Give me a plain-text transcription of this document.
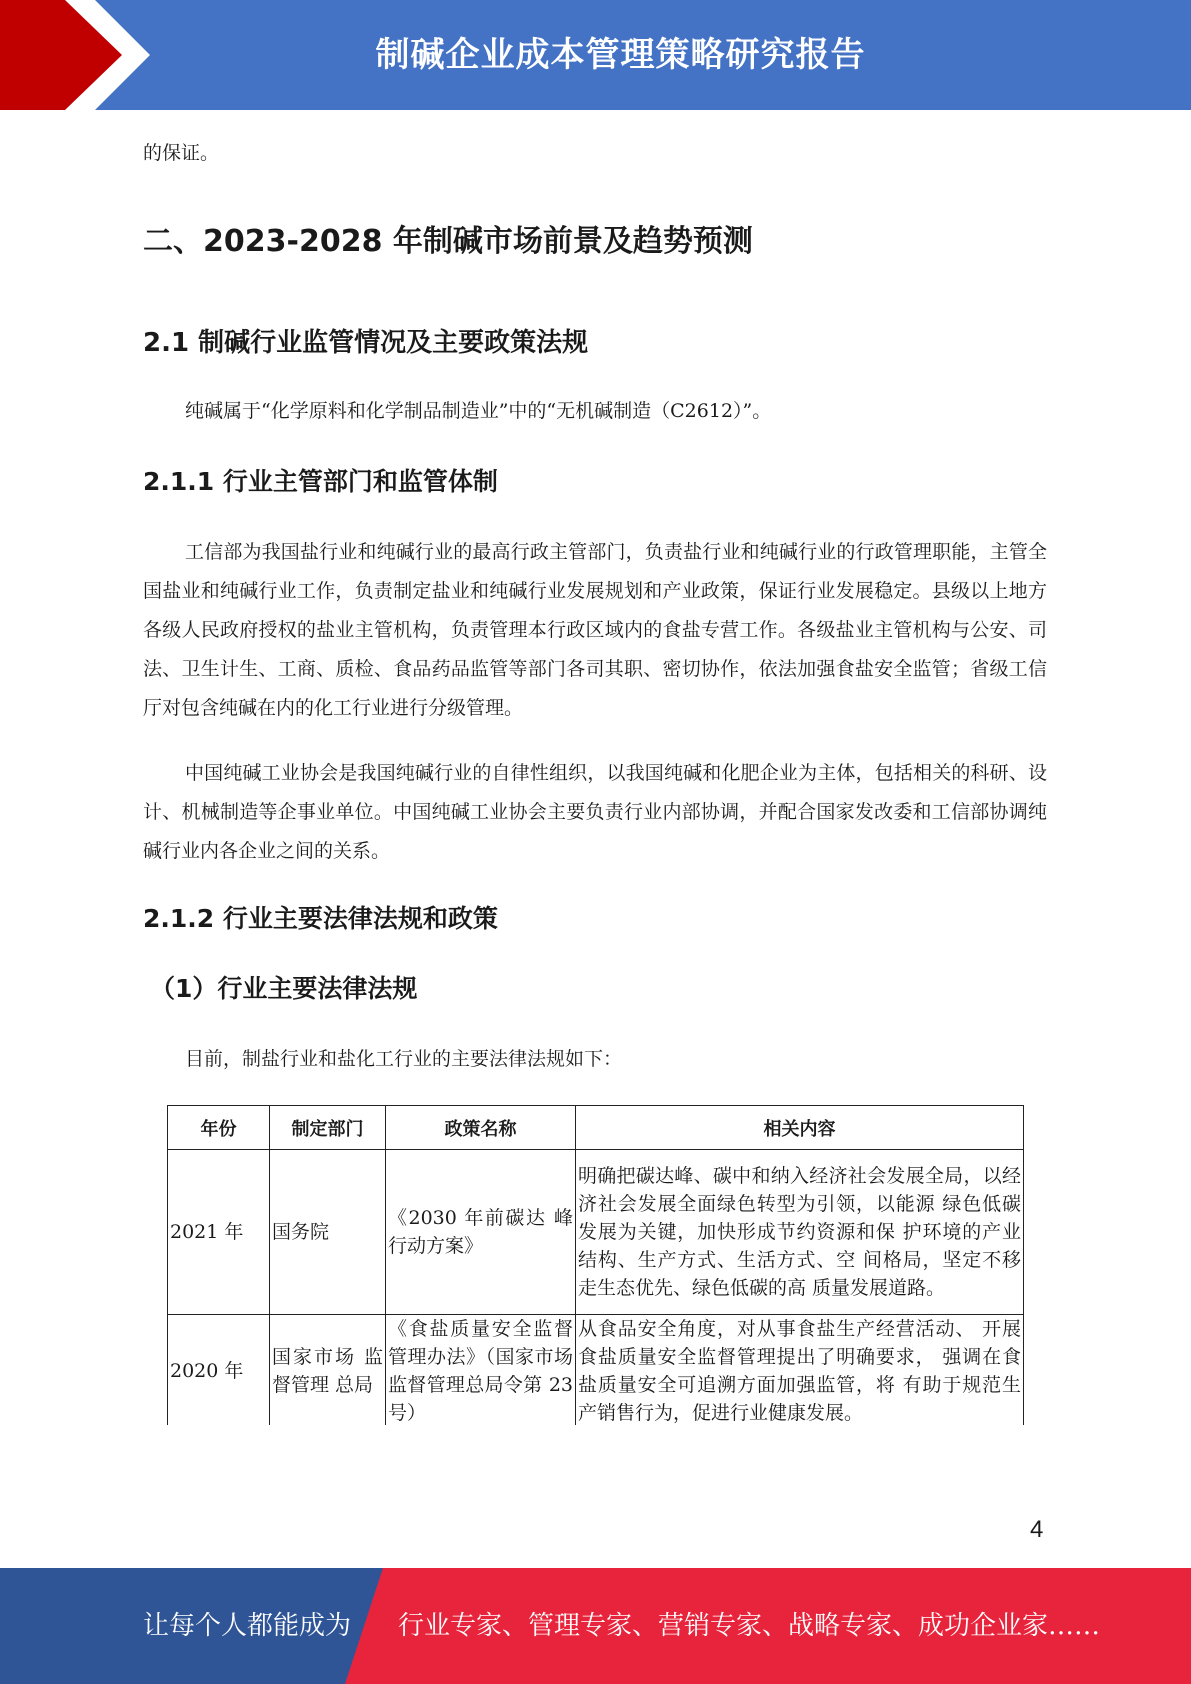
制碱企业成本管理策略研究报告
的保证。
二、2023-2028 年制碱市场前景及趋势预测
2.1 制碱行业监管情况及主要政策法规
纯碱属于“化学原料和化学制品制造业”中的“无机碱制造（C2612）”。
2.1.1 行业主管部门和监管体制
工信部为我国盐行业和纯碱行业的最高行政主管部门，负责盐行业和纯碱行业的行政管理职能，主管全国盐业和纯碱行业工作，负责制定盐业和纯碱行业发展规划和产业政策，保证行业发展稳定。县级以上地方各级人民政府授权的盐业主管机构，负责管理本行政区域内的食盐专营工作。各级盐业主管机构与公安、司法、卫生计生、工商、质检、食品药品监管等部门各司其职、密切协作，依法加强食盐安全监管；省级工信厅对包含纯碱在内的化工行业进行分级管理。
中国纯碱工业协会是我国纯碱行业的自律性组织，以我国纯碱和化肥企业为主体，包括相关的科研、设计、机械制造等企事业单位。中国纯碱工业协会主要负责行业内部协调，并配合国家发改委和工信部协调纯碱行业内各企业之间的关系。
2.1.2 行业主要法律法规和政策
（1）行业主要法律法规
目前，制盐行业和盐化工行业的主要法律法规如下：
年份	制定部门	政策名称	相关内容
2021 年	国务院	《2030 年前碳达 峰行动方案》	明确把碳达峰、碳中和纳入经济社会发展全局，以经济社会发展全面绿色转型为引领，以能源 绿色低碳发展为关键，加快形成节约资源和保 护环境的产业结构、生产方式、生活方式、空 间格局，坚定不移走生态优先、绿色低碳的高 质量发展道路。
2020 年	国家市场 监督管理 总局	《食盐质量安全监督管理办法》（国家市场监督管理总局令第 23 号）	从食品安全角度，对从事食盐生产经营活动、 开展食盐质量安全监督管理提出了明确要求， 强调在食盐质量安全可追溯方面加强监管，将 有助于规范生产销售行为，促进行业健康发展。
4
让每个人都能成为 行业专家、管理专家、营销专家、战略专家、成功企业家……
